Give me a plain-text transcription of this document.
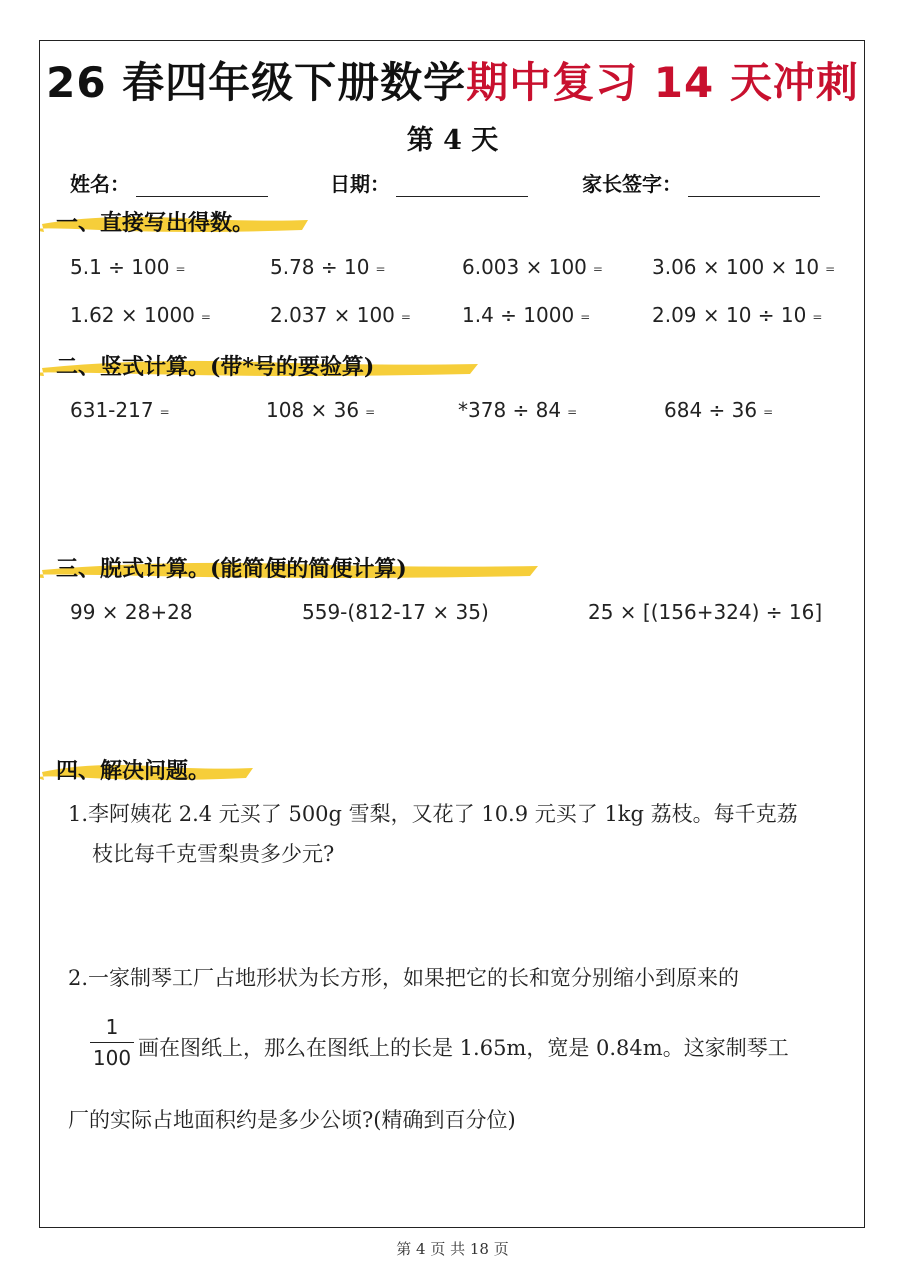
26 春四年级下册数学期中复习 14 天冲刺
第 4 天
姓名：	日期：	家长签字：
一、直接写出得数。
5.1 ÷ 100 =	5.78 ÷ 10 =	6.003 × 100 = 3.06 × 100 × 10 =
1.62 × 1000 =	2.037 × 100 =	1.4 ÷ 1000 =	2.09 × 10 ÷ 10 =
二、竖式计算。(带*号的要验算)
631-217 =	108 × 36 =	*378 ÷ 84 =	684 ÷ 36 =
三、脱式计算。(能简便的简便计算)
99 × 28+28	559-(812-17 × 35)	25 × [(156+324) ÷ 16]
四、解决问题。
1.李阿姨花 2.4 元买了 500g 雪梨，又花了 10.9 元买了 1kg 荔枝。每千克荔
枝比每千克雪梨贵多少元?
2.一家制琴工厂占地形状为长方形，如果把它的长和宽分别缩小到原来的
1
100 画在图纸上，那么在图纸上的长是 1.65m，宽是 0.84m。这家制琴工
厂的实际占地面积约是多少公顷?(精确到百分位)
第 4 页 共 18 页
